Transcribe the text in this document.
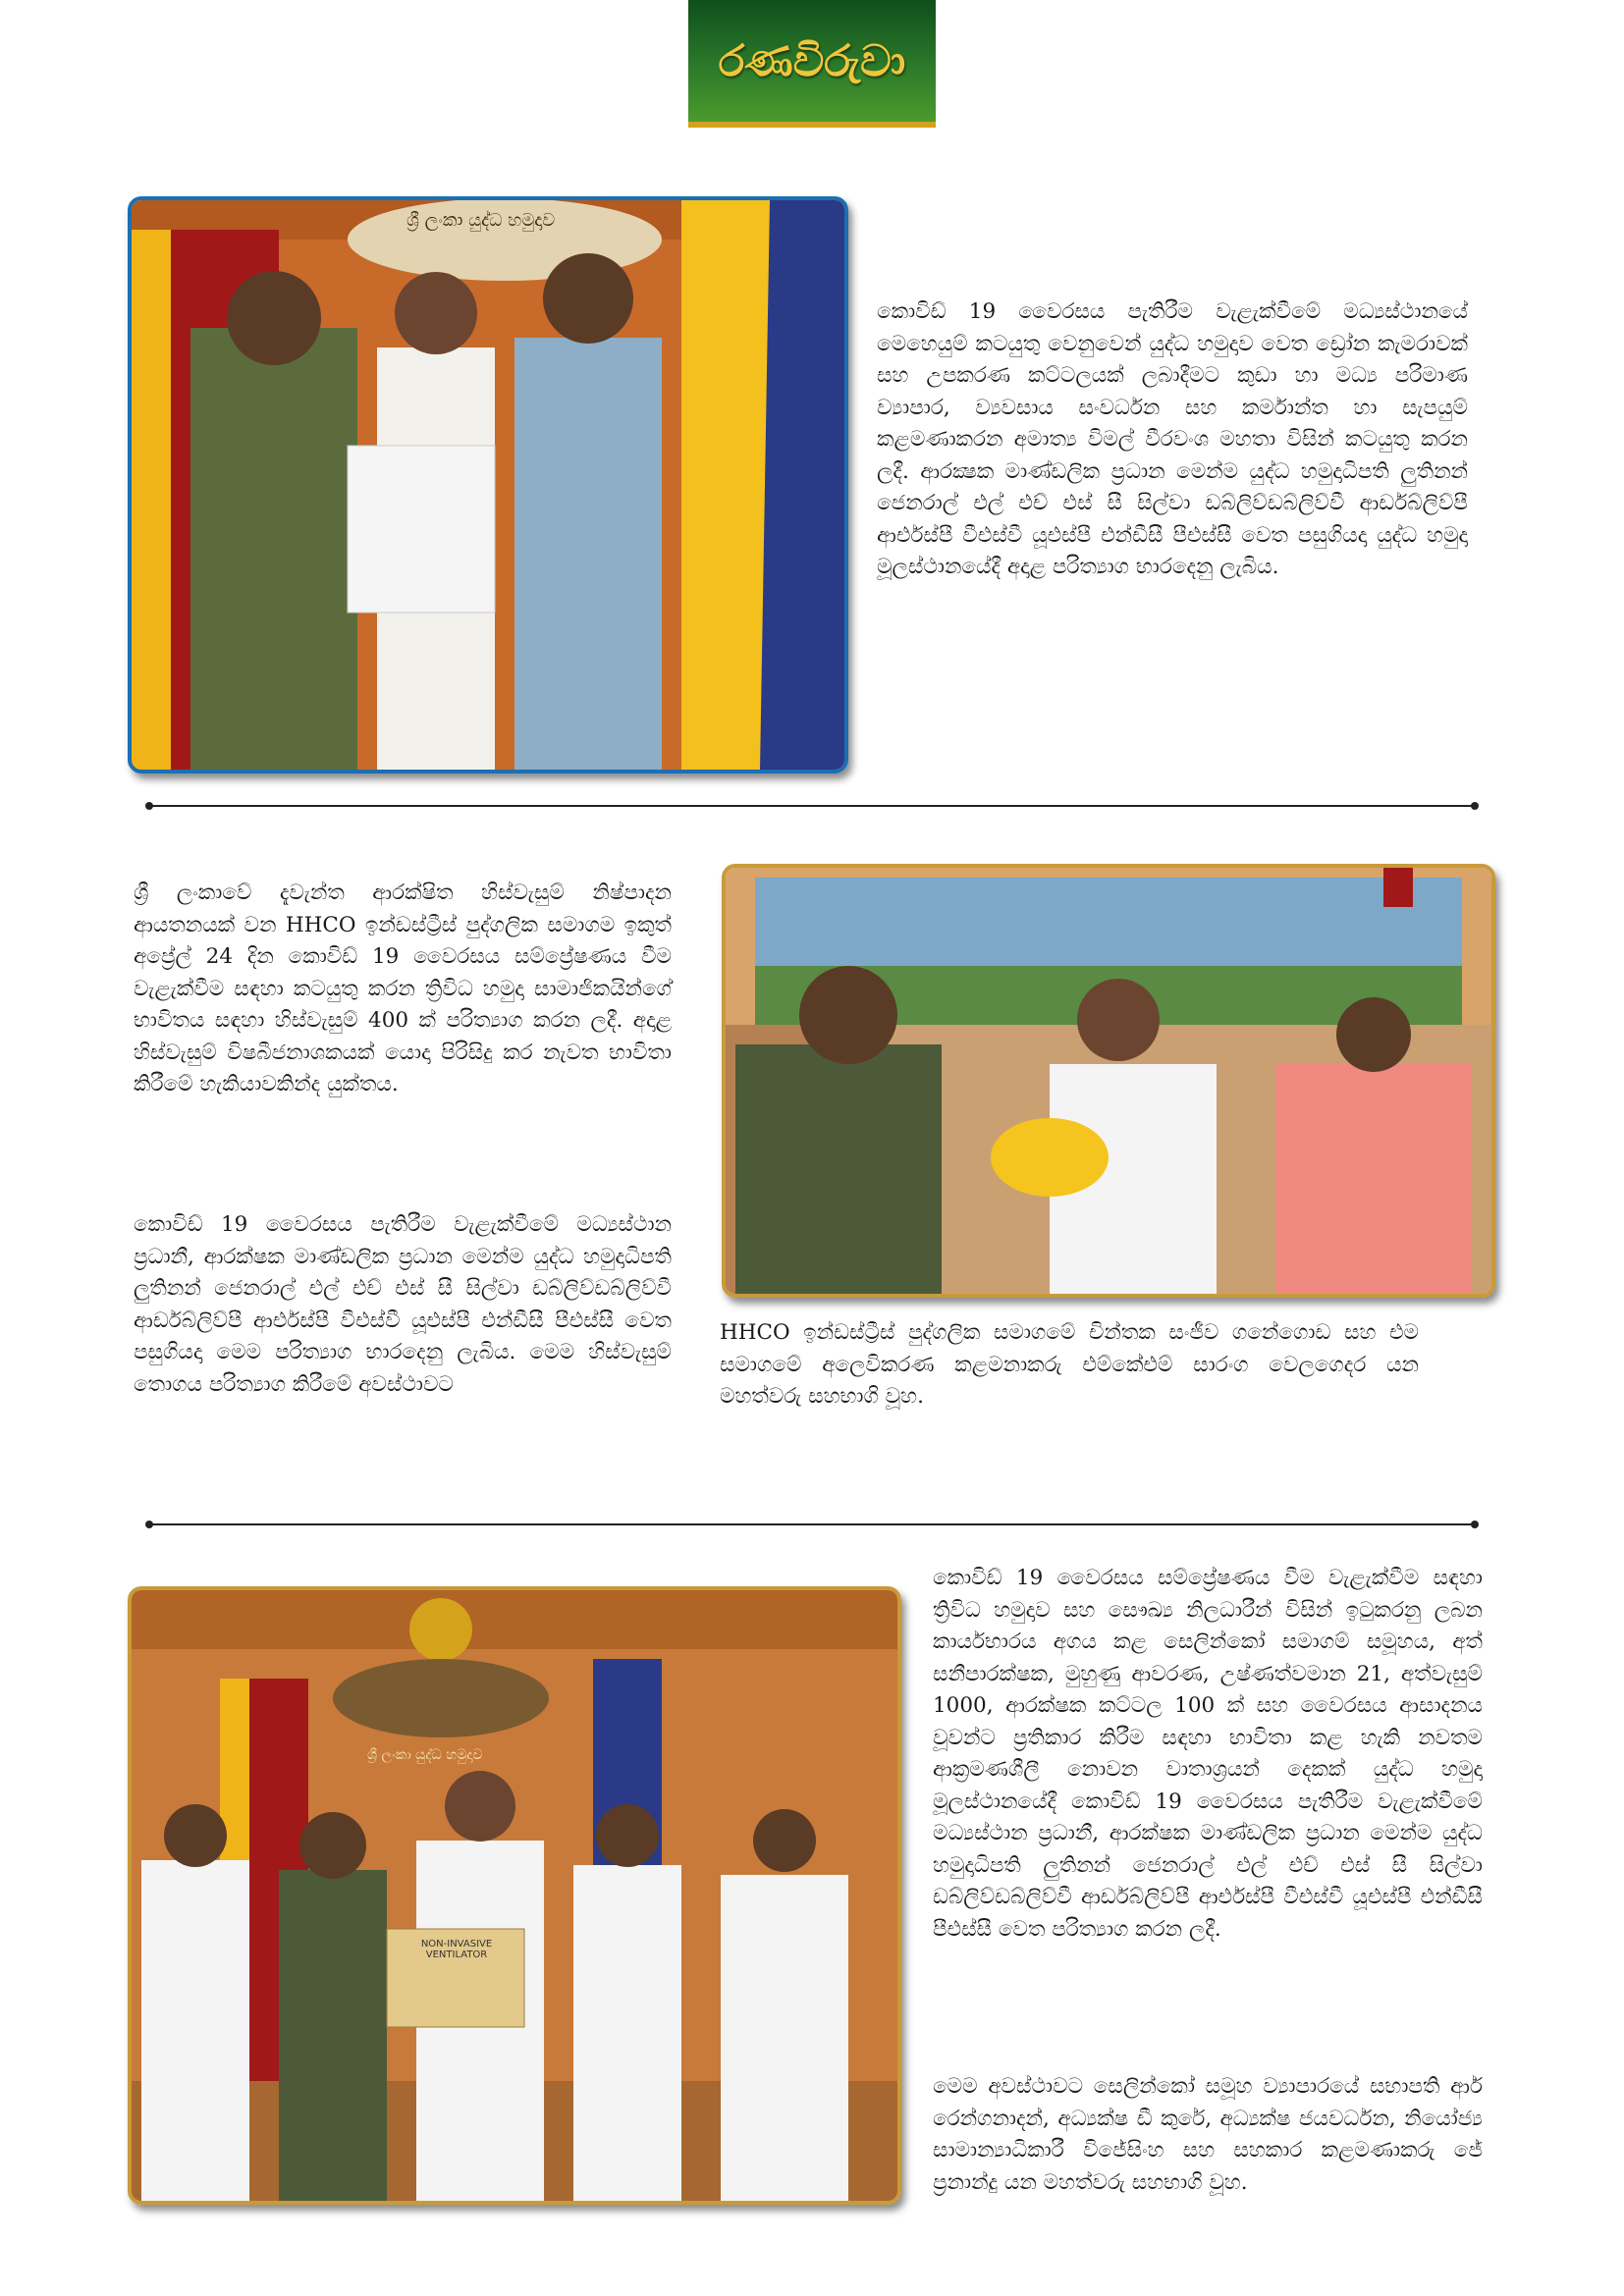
රණවිරුවා
ශ්‍රී ලංකා යුද්ධ හමුදාව

කොවිඩ් 19 වෛරසය පැතිරීම වැළැක්වීමේ මධ්‍යස්ථානයේ මෙහෙයුම් කටයුතු වෙනුවෙන් යුද්ධ හමුදාව වෙත ඩ්‍රෝන කැමරාවක් සහ උපකරණ කට්ටලයක් ලබාදීමට කුඩා හා මධ්‍ය පරිමාණ ව්‍යාපාර, ව්‍යවසාය සංවර්ධන සහ කර්මාන්ත හා සැපයුම් කළමණාකරන අමාත්‍ය විමල් වීරවංශ මහතා විසින් කටයුතු කරන ලදී. ආරක්‍ෂක මාණ්ඩලික ප්‍රධාන මෙන්ම යුද්ධ හමුදාධිපති ලුතිනන් ජෙනරාල් එල් එච් එස් සී සිල්වා ඩබ්ලිව්ඩබ්ලිව්වී ආර්ඩබ්ලිව්පී ආර්එස්පී වීඑස්වී යූඑස්පී එන්ඩීසී පීඑස්සී වෙත පසුගියදා යුද්ධ හමුදා මූලස්ථානයේදී අදාළ පරිත්‍යාග භාරදෙනු ලැබිය.

ශ්‍රී ලංකාවේ දැවැන්ත ආරක්ෂිත හිස්වැසුම් නිෂ්පාදන ආයතනයක් වන HHCO ඉන්ඩස්ට්‍රීස් පුද්ගලික සමාගම ඉකුත් අප්‍රේල් 24 දින කොවිඩ් 19 වෛරසය සම්ප්‍රේෂණය වීම වැළැක්වීම සඳහා කටයුතු කරන ත්‍රිවිධ හමුදා සාමාජිකයින්ගේ භාවිතය සඳහා හිස්වැසුම් 400 ක් පරිත්‍යාග කරන ලදී. අදාළ හිස්වැසුම් විෂබීජනාශකයක් යොදා පිරිසිදු කර නැවත භාවිතා කිරීමේ හැකියාවකින්ද යුක්තය.

කොවිඩ් 19 වෛරසය පැතිරීම වැළැක්වීමේ මධ්‍යස්ථාන ප්‍රධානී, ආරක්ෂක මාණ්ඩලික ප්‍රධාන මෙන්ම යුද්ධ හමුදාධිපති ලුතිනන් ජෙනරාල් එල් එච් එස් සී සිල්වා ඩබ්ලිව්ඩබ්ලිව්වී ආර්ඩබ්ලිව්පී ආර්එස්පී වීඑස්වී යූඑස්පී එන්ඩීසී පීඑස්සී වෙත පසුගියදා මෙම පරිත්‍යාග භාරදෙනු ලැබිය. මෙම හිස්වැසුම් තොගය පරිත්‍යාග කිරීමේ අවස්ථාවට

HHCO ඉන්ඩස්ට්‍රීස් පුද්ගලික සමාගමේ චින්තක සංජීව ගනේගොඩ සහ එම සමාගමේ අලෙවිකරණ කළමනාකරු එම්කේඑම් සාරංග වෙලගෙදර යන මහත්වරු සහභාගි වූහ.

NON-INVASIVE VENTILATOR
ශ්‍රී ලංකා යුද්ධ හමුදාව

කොවිඩ් 19 වෛරසය සම්ප්‍රේෂණය වීම වැළැක්වීම සඳහා ත්‍රිවිධ හමුදාව සහ සෞඛ්‍ය නිලධාරීන් විසින් ඉටුකරනු ලබන කාර්යභාරය අගය කළ සෙලින්කෝ සමාගම් සමූහය, අත් සනීපාරක්ෂක, මුහුණු ආවරණ, උෂ්ණත්වමාන 21, අත්වැසුම් 1000, ආරක්ෂක කට්ටල 100 ක් සහ වෛරසය ආසාදනය වූවන්ට ප්‍රතිකාර කිරීම සඳහා භාවිතා කළ හැකි නවතම ආක්‍රමණශීලී නොවන වාතාශ්‍රයන් දෙකක් යුද්ධ හමුදා මූලස්ථානයේදී කොවිඩ් 19 වෛරසය පැතිරීම වැළැක්වීමේ මධ්‍යස්ථාන ප්‍රධානී, ආරක්ෂක මාණ්ඩලික ප්‍රධාන මෙන්ම යුද්ධ හමුදාධිපති ලුතිනන් ජෙනරාල් එල් එච් එස් සී සිල්වා ඩබ්ලිව්ඩබ්ලිව්වී ආර්ඩබ්ලිව්පී ආර්එස්පී වීඑස්වී යූඑස්පී එන්ඩීසී පීඑස්සී වෙත පරිත්‍යාග කරන ලදී.

මෙම අවස්ථාවට සෙලින්කෝ සමූහ ව්‍යාපාරයේ සභාපති ආර් රෙන්ගනාදන්, අධ්‍යක්ෂ ඩී කුරේ, අධ්‍යක්ෂ ජයවර්ධන, නියෝජ්‍ය සාමාන්‍යාධිකාරී විජේසිංහ සහ සහකාර කළමණාකරු ජේ ප්‍රනාන්දු යන මහත්වරු සහභාගි වූහ.
